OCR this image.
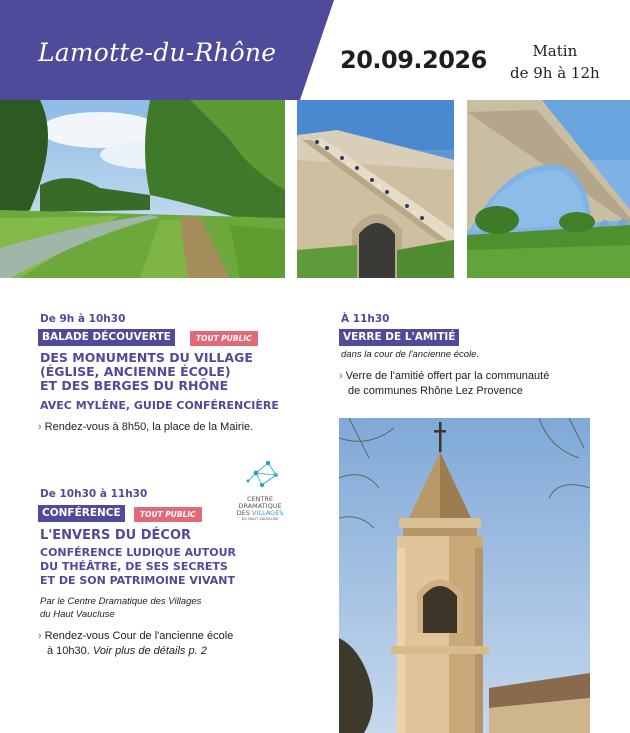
Lamotte-du-Rhône	20.09.2026	Matin
de 9h à 12h
De 9h à 10h30
BALADE DÉCOUVERTE	TOUT PUBLIC
DES MONUMENTS DU VILLAGE
(ÉGLISE, ANCIENNE ÉCOLE)
ET DES BERGES DU RHÔNE
AVEC MYLÈNE, GUIDE CONFÉRENCIÈRE
› Rendez-vous à 8h50, la place de la Mairie.
De 10h30 à 11h30
CONFÉRENCE	TOUT PUBLIC
CENTRE
DRAMATIQUE
DES VILLAGES
DU HAUT VAUCLUSE
L'ENVERS DU DÉCOR
CONFÉRENCE LUDIQUE AUTOUR
DU THÉÂTRE, DE SES SECRETS
ET DE SON PATRIMOINE VIVANT
Par le Centre Dramatique des Villages
du Haut Vaucluse
› Rendez-vous Cour de l'ancienne école
à 10h30. Voir plus de détails p. 2
À 11h30
VERRE DE L'AMITIÉ
dans la cour de l'ancienne école.
› Verre de l'amitié offert par la communauté
de communes Rhône Lez Provence
